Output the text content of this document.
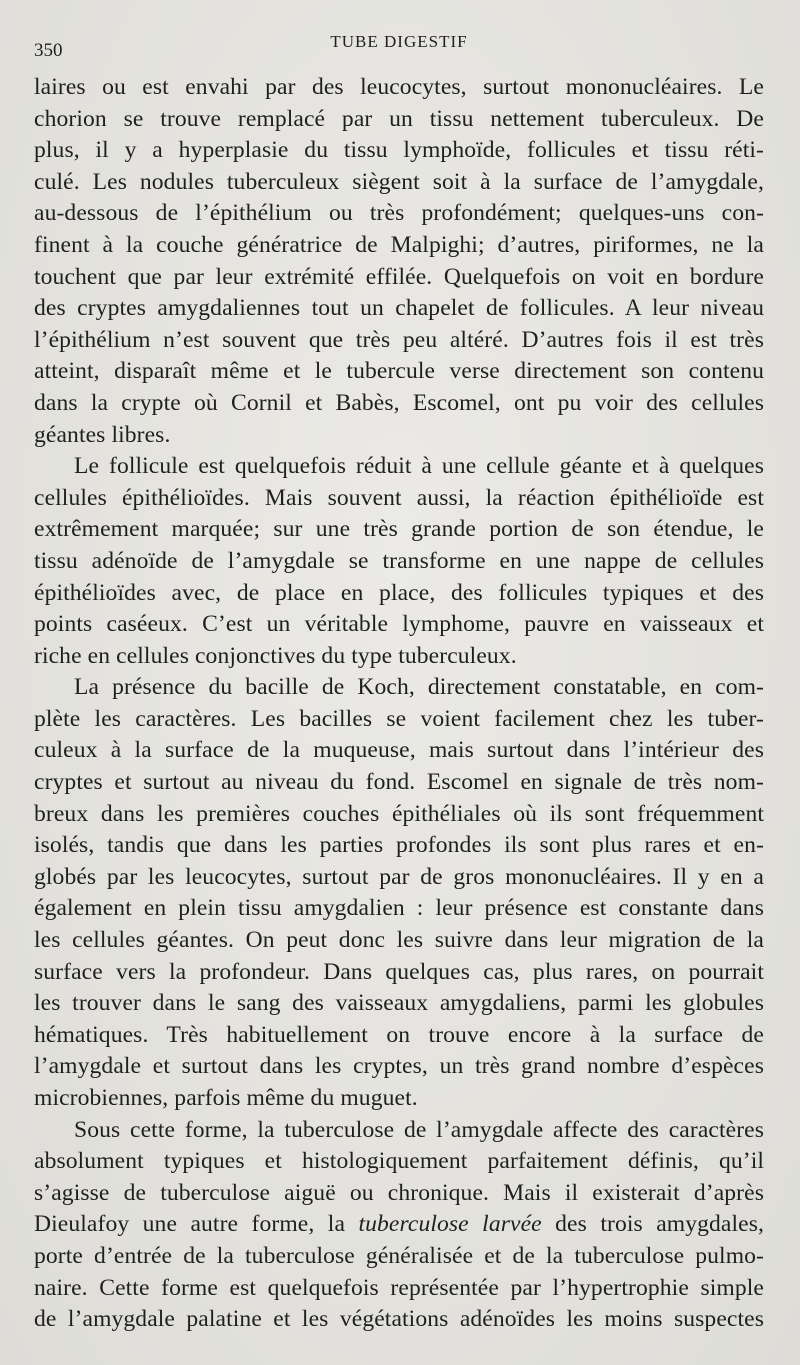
350	TUBE DIGESTIF
laires ou est envahi par des leucocytes, surtout mononucléaires. Le
chorion se trouve remplacé par un tissu nettement tuberculeux. De
plus, il y a hyperplasie du tissu lymphoïde, follicules et tissu réti-
culé. Les nodules tuberculeux siègent soit à la surface de l’amygdale,
au-dessous de l’épithélium ou très profondément; quelques-uns con-
finent à la couche génératrice de Malpighi; d’autres, piriformes, ne la
touchent que par leur extrémité effilée. Quelquefois on voit en bordure
des cryptes amygdaliennes tout un chapelet de follicules. A leur niveau
l’épithélium n’est souvent que très peu altéré. D’autres fois il est très
atteint, disparaît même et le tubercule verse directement son contenu
dans la crypte où Cornil et Babès, Escomel, ont pu voir des cellules
géantes libres.
Le follicule est quelquefois réduit à une cellule géante et à quelques
cellules épithélioïdes. Mais souvent aussi, la réaction épithélioïde est
extrêmement marquée; sur une très grande portion de son étendue, le
tissu adénoïde de l’amygdale se transforme en une nappe de cellules
épithélioïdes avec, de place en place, des follicules typiques et des
points caséeux. C’est un véritable lymphome, pauvre en vaisseaux et
riche en cellules conjonctives du type tuberculeux.
La présence du bacille de Koch, directement constatable, en com-
plète les caractères. Les bacilles se voient facilement chez les tuber-
culeux à la surface de la muqueuse, mais surtout dans l’intérieur des
cryptes et surtout au niveau du fond. Escomel en signale de très nom-
breux dans les premières couches épithéliales où ils sont fréquemment
isolés, tandis que dans les parties profondes ils sont plus rares et en-
globés par les leucocytes, surtout par de gros mononucléaires. Il y en a
également en plein tissu amygdalien : leur présence est constante dans
les cellules géantes. On peut donc les suivre dans leur migration de la
surface vers la profondeur. Dans quelques cas, plus rares, on pourrait
les trouver dans le sang des vaisseaux amygdaliens, parmi les globules
hématiques. Très habituellement on trouve encore à la surface de
l’amygdale et surtout dans les cryptes, un très grand nombre d’espèces
microbiennes, parfois même du muguet.
Sous cette forme, la tuberculose de l’amygdale affecte des caractères
absolument typiques et histologiquement parfaitement définis, qu’il
s’agisse de tuberculose aiguë ou chronique. Mais il existerait d’après
Dieulafoy une autre forme, la tuberculose larvée des trois amygdales,
porte d’entrée de la tuberculose généralisée et de la tuberculose pulmo-
naire. Cette forme est quelquefois représentée par l’hypertrophie simple
de l’amygdale palatine et les végétations adénoïdes les moins suspectes
